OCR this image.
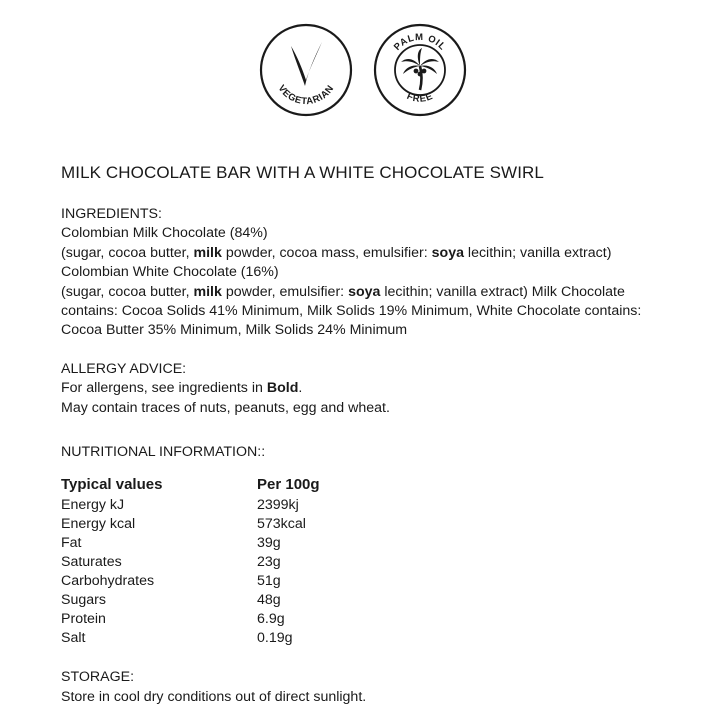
VEGETARIAN
PALM OIL
FREE

MILK CHOCOLATE BAR WITH A WHITE CHOCOLATE SWIRL

INGREDIENTS:

Colombian Milk Chocolate (84%)

(sugar, cocoa butter, milk powder, cocoa mass, emulsifier: soya lecithin; vanilla extract)

Colombian White Chocolate (16%)

(sugar, cocoa butter, milk powder, emulsifier: soya lecithin; vanilla extract) Milk Chocolate

contains: Cocoa Solids 41% Minimum, Milk Solids 19% Minimum, White Chocolate contains:

Cocoa Butter 35% Minimum, Milk Solids 24% Minimum

ALLERGY ADVICE:

For allergens, see ingredients in Bold.

May contain traces of nuts, peanuts, egg and wheat.

NUTRITIONAL INFORMATION::

Typical values	Per 100g
Energy kJ	2399kj
Energy kcal	573kcal
Fat	39g
Saturates	23g
Carbohydrates	51g
Sugars	48g
Protein	6.9g
Salt	0.19g

STORAGE:

Store in cool dry conditions out of direct sunlight.
